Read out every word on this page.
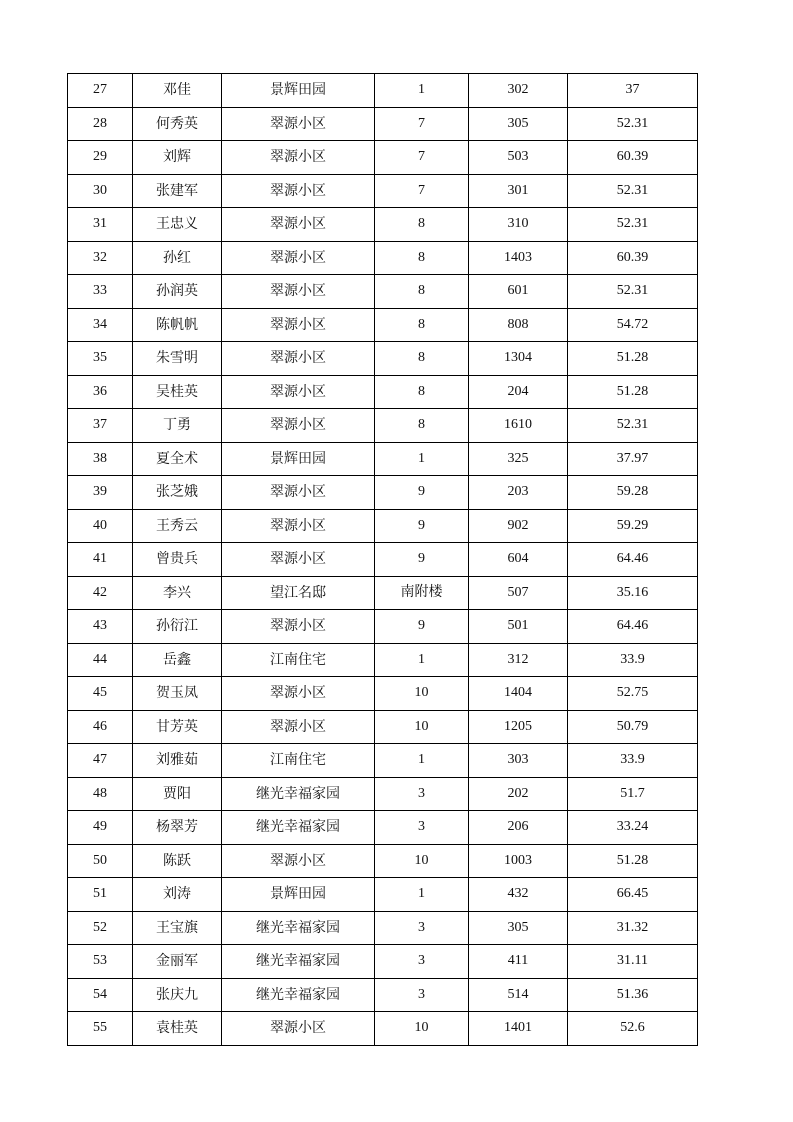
27	邓佳	景辉田园	1	302	37
28	何秀英	翠源小区	7	305	52.31
29	刘辉	翠源小区	7	503	60.39
30	张建军	翠源小区	7	301	52.31
31	王忠义	翠源小区	8	310	52.31
32	孙红	翠源小区	8	1403	60.39
33	孙润英	翠源小区	8	601	52.31
34	陈帆帆	翠源小区	8	808	54.72
35	朱雪明	翠源小区	8	1304	51.28
36	吴桂英	翠源小区	8	204	51.28
37	丁勇	翠源小区	8	1610	52.31
38	夏全术	景辉田园	1	325	37.97
39	张芝娥	翠源小区	9	203	59.28
40	王秀云	翠源小区	9	902	59.29
41	曾贵兵	翠源小区	9	604	64.46
42	李兴	望江名邸	南附楼	507	35.16
43	孙衍江	翠源小区	9	501	64.46
44	岳鑫	江南住宅	1	312	33.9
45	贺玉凤	翠源小区	10	1404	52.75
46	甘芳英	翠源小区	10	1205	50.79
47	刘雅茹	江南住宅	1	303	33.9
48	贾阳	继光幸福家园	3	202	51.7
49	杨翠芳	继光幸福家园	3	206	33.24
50	陈跃	翠源小区	10	1003	51.28
51	刘涛	景辉田园	1	432	66.45
52	王宝旗	继光幸福家园	3	305	31.32
53	金丽军	继光幸福家园	3	411	31.11
54	张庆九	继光幸福家园	3	514	51.36
55	袁桂英	翠源小区	10	1401	52.6
